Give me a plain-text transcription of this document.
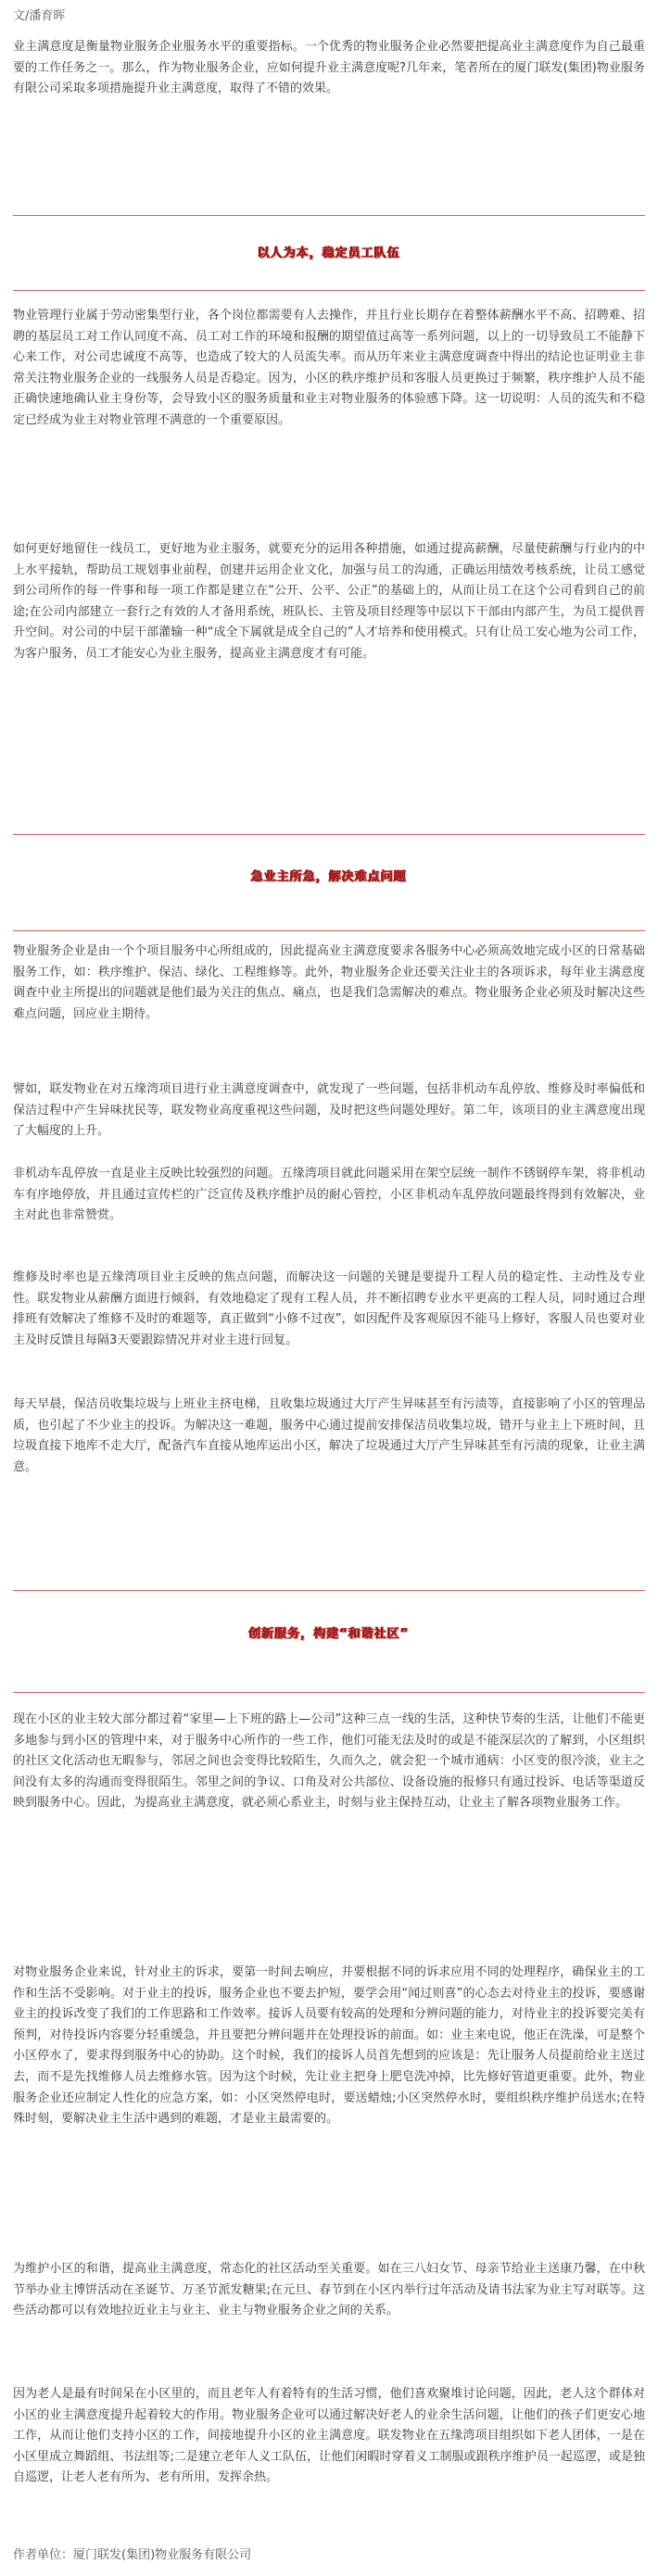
文/潘育晖

业主满意度是衡量物业服务企业服务水平的重要指标。一个优秀的物业服务企业必然要把提高业主满意度作为自己最重要的工作任务之一。那么，作为物业服务企业，应如何提升业主满意度呢?几年来，笔者所在的厦门联发(集团)物业服务有限公司采取多项措施提升业主满意度，取得了不错的效果。

以人为本，稳定员工队伍

物业管理行业属于劳动密集型行业，各个岗位都需要有人去操作，并且行业长期存在着整体薪酬水平不高、招聘难、招聘的基层员工对工作认同度不高、员工对工作的环境和报酬的期望值过高等一系列问题，以上的一切导致员工不能静下心来工作，对公司忠诚度不高等，也造成了较大的人员流失率。而从历年来业主满意度调查中得出的结论也证明业主非常关注物业服务企业的一线服务人员是否稳定。因为，小区的秩序维护员和客服人员更换过于频繁，秩序维护人员不能正确快速地确认业主身份等，会导致小区的服务质量和业主对物业服务的体验感下降。这一切说明：人员的流失和不稳定已经成为业主对物业管理不满意的一个重要原因。

如何更好地留住一线员工，更好地为业主服务，就要充分的运用各种措施，如通过提高薪酬，尽量使薪酬与行业内的中上水平接轨，帮助员工规划事业前程，创建并运用企业文化，加强与员工的沟通，正确运用绩效考核系统，让员工感觉到公司所作的每一件事和每一项工作都是建立在“公开、公平、公正”的基础上的，从而让员工在这个公司看到自己的前途;在公司内部建立一套行之有效的人才备用系统，班队长、主管及项目经理等中层以下干部由内部产生，为员工提供晋升空间。对公司的中层干部灌输一种“成全下属就是成全自己的”人才培养和使用模式。只有让员工安心地为公司工作，为客户服务，员工才能安心为业主服务，提高业主满意度才有可能。

急业主所急，解决难点问题

物业服务企业是由一个个项目服务中心所组成的，因此提高业主满意度要求各服务中心必须高效地完成小区的日常基础服务工作，如：秩序维护、保洁、绿化、工程维修等。此外，物业服务企业还要关注业主的各项诉求，每年业主满意度调查中业主所提出的问题就是他们最为关注的焦点、痛点，也是我们急需解决的难点。物业服务企业必须及时解决这些难点问题，回应业主期待。

譬如，联发物业在对五缘湾项目进行业主满意度调查中，就发现了一些问题，包括非机动车乱停放、维修及时率偏低和保洁过程中产生异味扰民等，联发物业高度重视这些问题，及时把这些问题处理好。第二年，该项目的业主满意度出现了大幅度的上升。

非机动车乱停放一直是业主反映比较强烈的问题。五缘湾项目就此问题采用在架空层统一制作不锈钢停车架，将非机动车有序地停放，并且通过宣传栏的广泛宣传及秩序维护员的耐心管控，小区非机动车乱停放问题最终得到有效解决，业主对此也非常赞赏。

维修及时率也是五缘湾项目业主反映的焦点问题，而解决这一问题的关键是要提升工程人员的稳定性、主动性及专业性。联发物业从薪酬方面进行倾斜，有效地稳定了现有工程人员，并不断招聘专业水平更高的工程人员，同时通过合理排班有效解决了维修不及时的难题等，真正做到“小修不过夜”，如因配件及客观原因不能马上修好，客服人员也要对业主及时反馈且每隔3天要跟踪情况并对业主进行回复。

每天早晨，保洁员收集垃圾与上班业主挤电梯，且收集垃圾通过大厅产生异味甚至有污渍等，直接影响了小区的管理品质，也引起了不少业主的投诉。为解决这一难题，服务中心通过提前安排保洁员收集垃圾，错开与业主上下班时间，且垃圾直接下地库不走大厅，配备汽车直接从地库运出小区，解决了垃圾通过大厅产生异味甚至有污渍的现象，让业主满意。

创新服务，构建“和谐社区”

现在小区的业主较大部分都过着“家里—上下班的路上—公司”这种三点一线的生活，这种快节奏的生活，让他们不能更多地参与到小区的管理中来，对于服务中心所作的一些工作，他们可能无法及时的或是不能深层次的了解到，小区组织的社区文化活动也无暇参与，邻居之间也会变得比较陌生，久而久之，就会犯一个城市通病：小区变的很冷淡，业主之间没有太多的沟通而变得很陌生。邻里之间的争议、口角及对公共部位、设备设施的报修只有通过投诉、电话等渠道反映到服务中心。因此，为提高业主满意度，就必须心系业主，时刻与业主保持互动，让业主了解各项物业服务工作。

对物业服务企业来说，针对业主的诉求，要第一时间去响应，并要根据不同的诉求应用不同的处理程序，确保业主的工作和生活不受影响。对于业主的投诉，服务企业也不要去护短，要学会用“闻过则喜”的心态去对待业主的投诉，要感谢业主的投诉改变了我们的工作思路和工作效率。接诉人员要有较高的处理和分辨问题的能力，对待业主的投诉要完美有预判，对待投诉内容要分轻重缓急，并且要把分辨问题并在处理投诉的前面。如：业主来电说，他正在洗澡，可是整个小区停水了，要求得到服务中心的协助。这个时候，我们的接诉人员首先想到的应该是：先让服务人员提前给业主送过去，而不是先找维修人员去维修水管。因为这个时候，先让业主把身上肥皂洗冲掉，比先修好管道更重要。此外，物业服务企业还应制定人性化的应急方案，如：小区突然停电时，要送蜡烛;小区突然停水时，要组织秩序维护员送水;在特殊时刻，要解决业主生活中遇到的难题，才是业主最需要的。

为维护小区的和谐，提高业主满意度，常态化的社区活动至关重要。如在三八妇女节、母亲节给业主送康乃馨，在中秋节举办业主博饼活动在圣诞节、万圣节派发糖果;在元旦、春节到在小区内举行过年活动及请书法家为业主写对联等。这些活动都可以有效地拉近业主与业主、业主与物业服务企业之间的关系。

因为老人是最有时间呆在小区里的，而且老年人有着特有的生活习惯，他们喜欢聚堆讨论问题，因此，老人这个群体对小区的业主满意度提升起着较大的作用。物业服务企业可以通过解决好老人的业余生活问题，让他们的孩子们更安心地工作，从而让他们支持小区的工作，间接地提升小区的业主满意度。联发物业在五缘湾项目组织如下老人团体，一是在小区里成立舞蹈组、书法组等;二是建立老年人义工队伍，让他们闲暇时穿着义工制服或跟秩序维护员一起巡逻，或是独自巡逻，让老人老有所为、老有所用，发挥余热。

作者单位：厦门联发(集团)物业服务有限公司
